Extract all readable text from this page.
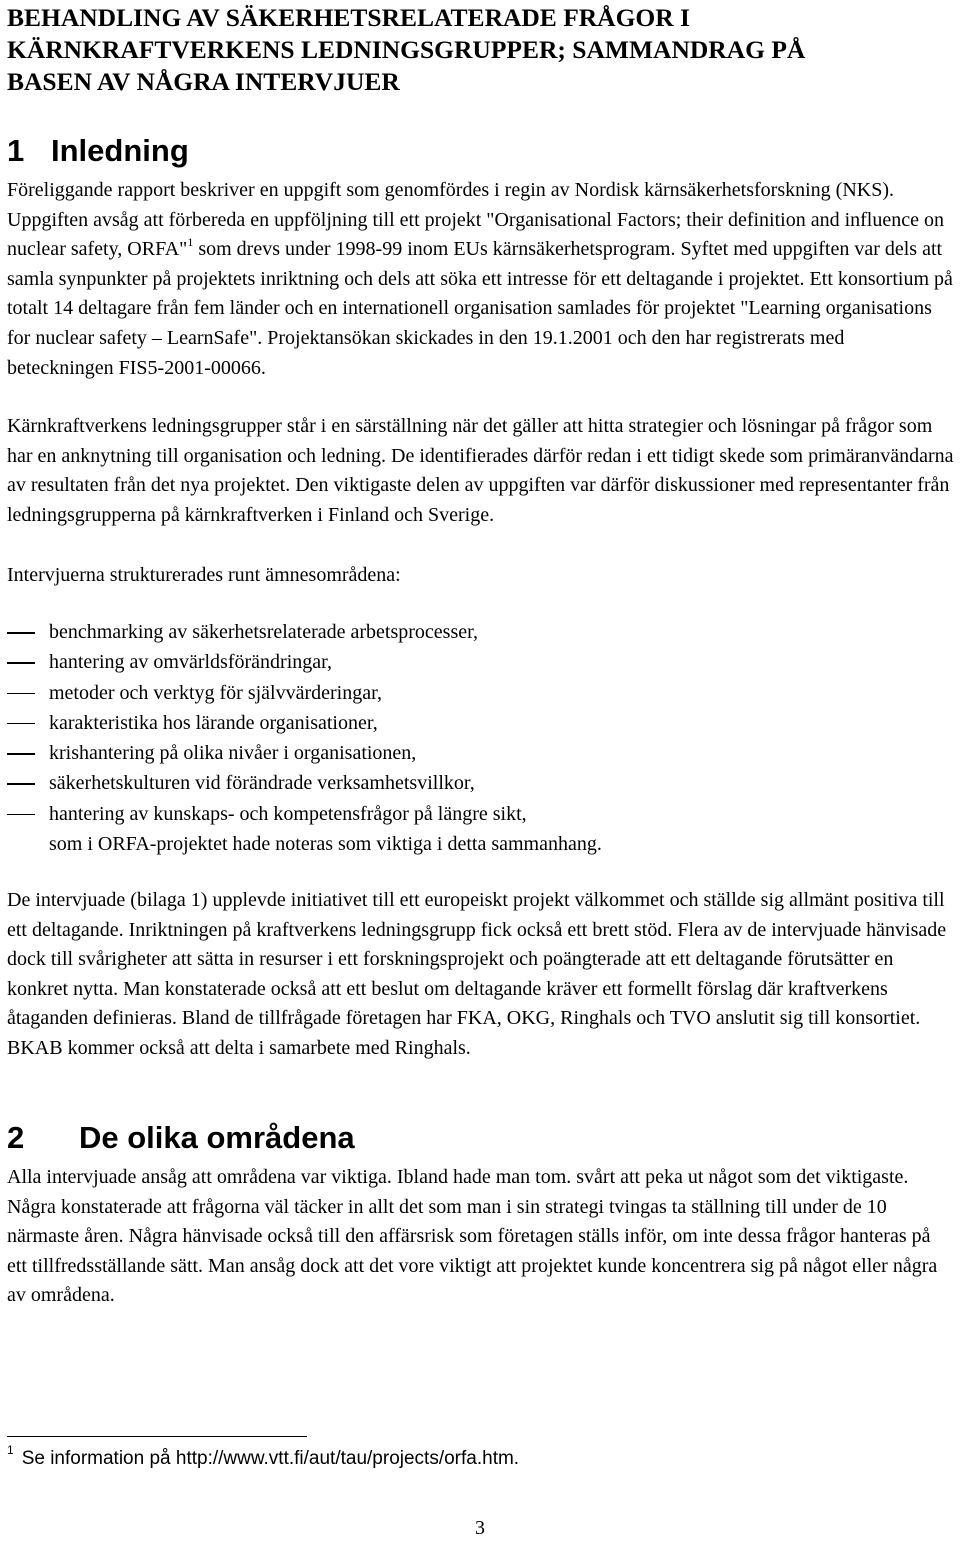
BEHANDLING AV SÄKERHETSRELATERADE FRÅGOR I
KÄRNKRAFTVERKENS LEDNINGSGRUPPER; SAMMANDRAG PÅ
BASEN AV NÅGRA INTERVJUER
1 Inledning

Föreliggande rapport beskriver en uppgift som genomfördes i regin av Nordisk kärnsäkerhetsforskning (NKS). Uppgiften avsåg att förbereda en uppföljning till ett projekt "Organisational Factors; their definition and influence on nuclear safety, ORFA"$^1$ som drevs under 1998-99 inom EUs kärnsäkerhetsprogram. Syftet med uppgiften var dels att samla synpunkter på projektets inriktning och dels att söka ett intresse för ett deltagande i projektet. Ett konsortium på totalt 14 deltagare från fem länder och en internationell organisation samlades för projektet "Learning organisations for nuclear safety – LearnSafe". Projektansökan skickades in den 19.1.2001 och den har registrerats med beteckningen FIS5-2001-00066.

Kärnkraftverkens ledningsgrupper står i en särställning när det gäller att hitta strategier och lösningar på frågor som har en anknytning till organisation och ledning. De identifierades därför redan i ett tidigt skede som primäranvändarna av resultaten från det nya projektet. Den viktigaste delen av uppgiften var därför diskussioner med representanter från ledningsgrupperna på kärnkraftverken i Finland och Sverige.

Intervjuerna strukturerades runt ämnesområdena:

benchmarking av säkerhetsrelaterade arbetsprocesser,
hantering av omvärldsförändringar,
metoder och verktyg för självvärderingar,
karakteristika hos lärande organisationer,
krishantering på olika nivåer i organisationen,
säkerhetskulturen vid förändrade verksamhetsvillkor,
hantering av kunskaps- och kompetensfrågor på längre sikt,
som i ORFA-projektet hade noteras som viktiga i detta sammanhang.

De intervjuade (bilaga 1) upplevde initiativet till ett europeiskt projekt välkommet och ställde sig allmänt positiva till ett deltagande. Inriktningen på kraftverkens ledningsgrupp fick också ett brett stöd. Flera av de intervjuade hänvisade dock till svårigheter att sätta in resurser i ett forskningsprojekt och poängterade att ett deltagande förutsätter en konkret nytta. Man konstaterade också att ett beslut om deltagande kräver ett formellt förslag där kraftverkens åtaganden definieras. Bland de tillfrågade företagen har FKA, OKG, Ringhals och TVO anslutit sig till konsortiet. BKAB kommer också att delta i samarbete med Ringhals.

2 De olika områdena

Alla intervjuade ansåg att områdena var viktiga. Ibland hade man tom. svårt att peka ut något som det viktigaste. Några konstaterade att frågorna väl täcker in allt det som man i sin strategi tvingas ta ställning till under de 10 närmaste åren. Några hänvisade också till den affärsrisk som företagen ställs inför, om inte dessa frågor hanteras på ett tillfredsställande sätt. Man ansåg dock att det vore viktigt att projektet kunde koncentrera sig på något eller några av områdena.

$^1$ Se information på http://www.vtt.fi/aut/tau/projects/orfa.htm.

3
